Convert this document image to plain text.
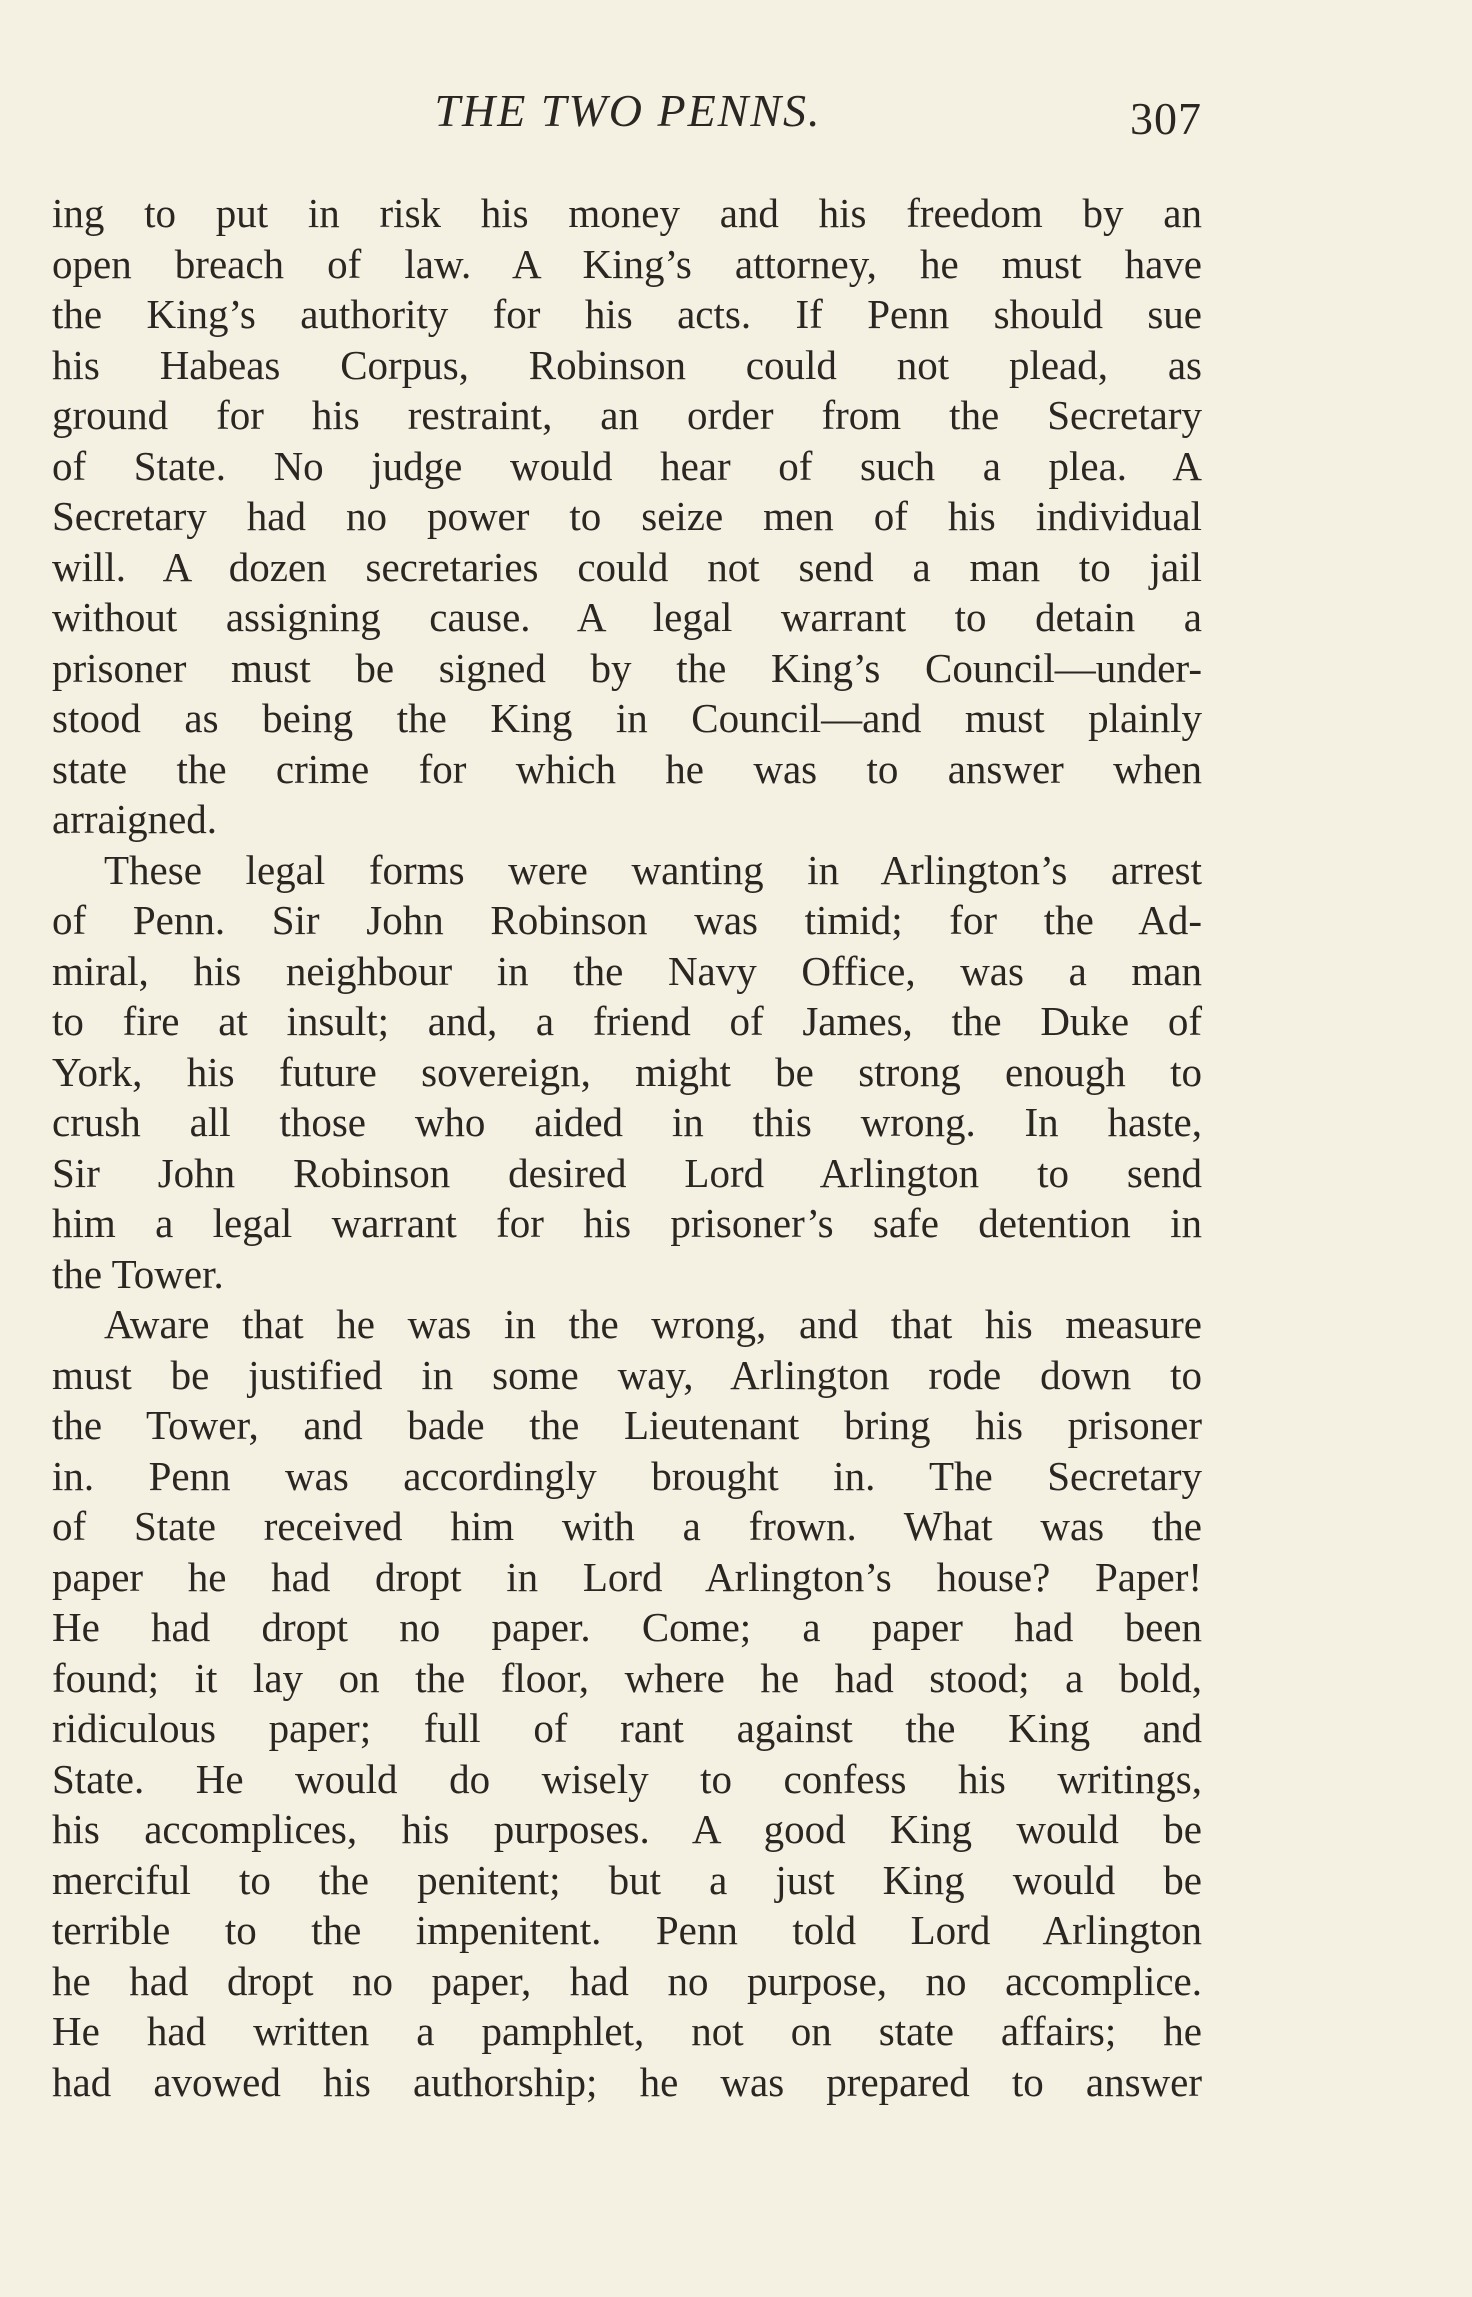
THE TWO PENNS.	307
ing to put in risk his money and his freedom by an
open breach of law. A King’s attorney, he must have
the King’s authority for his acts. If Penn should sue
his Habeas Corpus, Robinson could not plead, as
ground for his restraint, an order from the Secretary
of State. No judge would hear of such a plea. A
Secretary had no power to seize men of his individual
will. A dozen secretaries could not send a man to jail
without assigning cause. A legal warrant to detain a
prisoner must be signed by the King’s Council—under-
stood as being the King in Council—and must plainly
state the crime for which he was to answer when
arraigned.
These legal forms were wanting in Arlington’s arrest
of Penn. Sir John Robinson was timid; for the Ad-
miral, his neighbour in the Navy Office, was a man
to fire at insult; and, a friend of James, the Duke of
York, his future sovereign, might be strong enough to
crush all those who aided in this wrong. In haste,
Sir John Robinson desired Lord Arlington to send
him a legal warrant for his prisoner’s safe detention in
the Tower.
Aware that he was in the wrong, and that his measure
must be justified in some way, Arlington rode down to
the Tower, and bade the Lieutenant bring his prisoner
in. Penn was accordingly brought in. The Secretary
of State received him with a frown. What was the
paper he had dropt in Lord Arlington’s house? Paper!
He had dropt no paper. Come; a paper had been
found; it lay on the floor, where he had stood; a bold,
ridiculous paper; full of rant against the King and
State. He would do wisely to confess his writings,
his accomplices, his purposes. A good King would be
merciful to the penitent; but a just King would be
terrible to the impenitent. Penn told Lord Arlington
he had dropt no paper, had no purpose, no accomplice.
He had written a pamphlet, not on state affairs; he
had avowed his authorship; he was prepared to answer
